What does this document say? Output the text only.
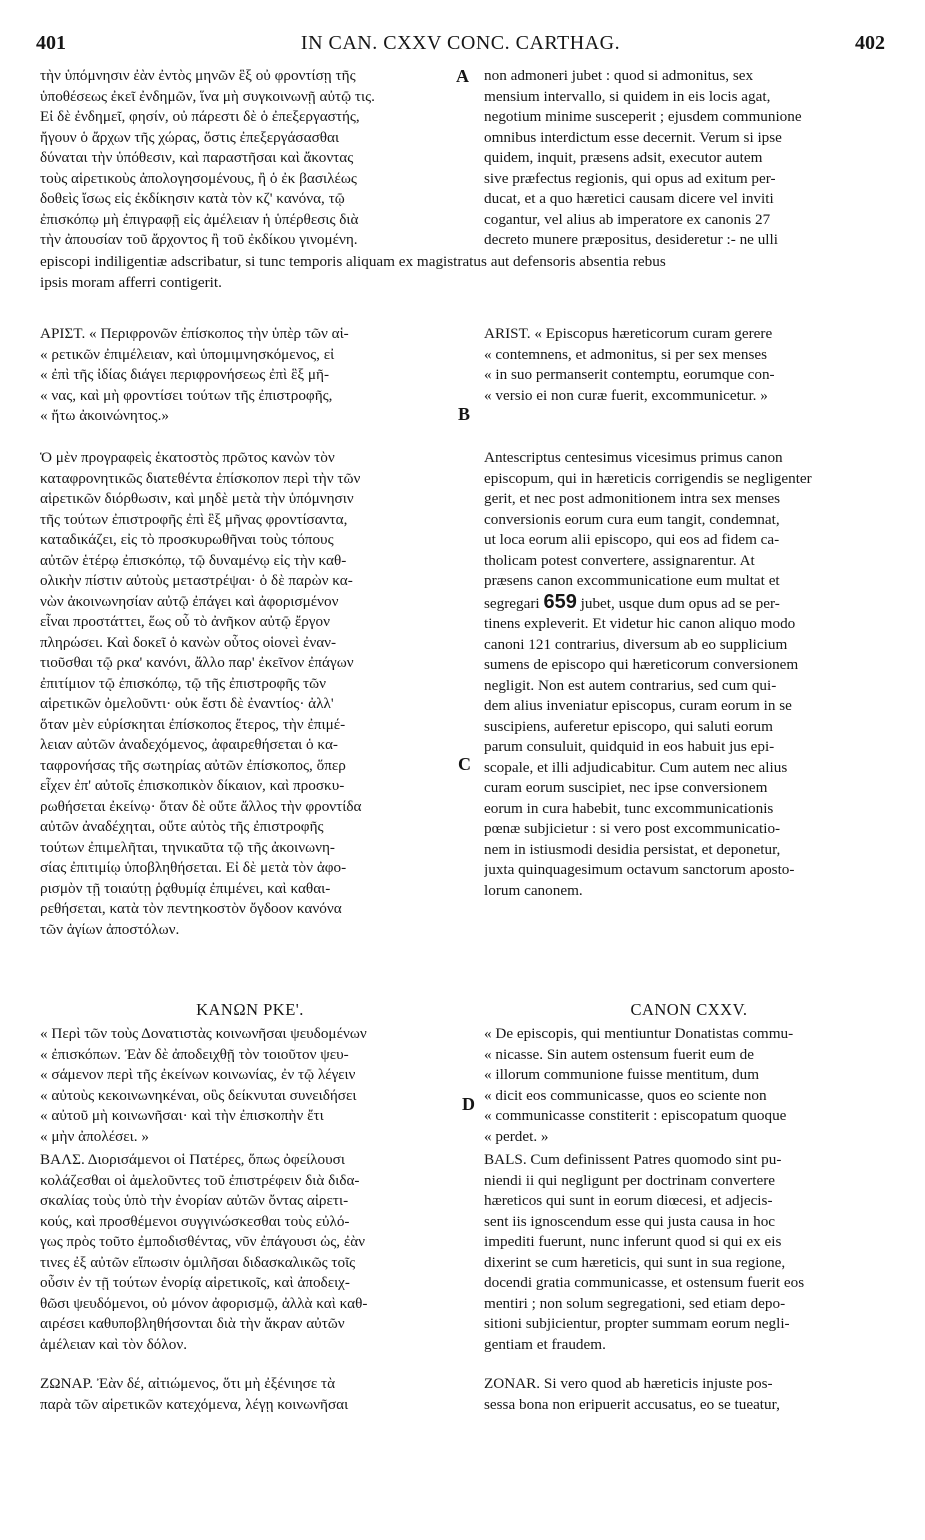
401	IN CAN. CXXV CONC. CARTHAG.	402
τὴν ὑπόμνησιν ἐὰν ἐντὸς μηνῶν ἓξ οὐ φροντίσῃ τῆς
ὑποθέσεως ἐκεῖ ἐνδημῶν, ἵνα μὴ συγκοινωνῇ αὐτῷ τις.
Εἰ δὲ ἐνδημεῖ, φησίν, οὐ πάρεστι δὲ ὁ ἐπεξεργαστής,
ἤγουν ὁ ἄρχων τῆς χώρας, ὅστις ἐπεξεργάσασθαι
δύναται τὴν ὑπόθεσιν, καὶ παραστῆσαι καὶ ἄκοντας
τοὺς αἱρετικοὺς ἀπολογησομένους, ἢ ὁ ἐκ βασιλέως
δοθεὶς ἴσως εἰς ἐκδίκησιν κατὰ τὸν κζ' κανόνα, τῷ
ἐπισκόπῳ μὴ ἐπιγραφῇ εἰς ἀμέλειαν ἡ ὑπέρθεσις διὰ
τὴν ἀπουσίαν τοῦ ἄρχοντος ἢ τοῦ ἐκδίκου γινομένη.
non admoneri jubet : quod si admonitus, sex
mensium intervallo, si quidem in eis locis agat,
negotium minime susceperit ; ejusdem communione
omnibus interdictum esse decernit. Verum si ipse
quidem, inquit, præsens adsit, executor autem
sive præfectus regionis, qui opus ad exitum per-
ducat, et a quo hæretici causam dicere vel inviti
cogantur, vel alius ab imperatore ex canonis 27
decreto munere præpositus, desideretur :- ne ulli
episcopi indiligentiæ adscribatur, si tunc temporis aliquam ex magistratus aut defensoris absentia rebus
ipsis moram afferri contigerit.
A
ΑΡΙΣΤ. « Περιφρονῶν ἐπίσκοπος τὴν ὑπὲρ τῶν αἱ-
« ρετικῶν ἐπιμέλειαν, καὶ ὑπομιμνησκόμενος, εἰ
« ἐπὶ τῆς ἰδίας διάγει περιφρονήσεως ἐπὶ ἓξ μῆ-
« νας, καὶ μὴ φροντίσει τούτων τῆς ἐπιστροφῆς,
« ἤτω ἀκοινώνητος.»
ARIST. « Episcopus hæreticorum curam gerere
« contemnens, et admonitus, si per sex menses
« in suo permanserit contemptu, eorumque con-
« versio ei non curæ fuerit, excommunicetur. »
B
Ὁ μὲν προγραφεὶς ἑκατοστὸς πρῶτος κανὼν τὸν
καταφρονητικῶς διατεθέντα ἐπίσκοπον περὶ τὴν τῶν
αἱρετικῶν διόρθωσιν, καὶ μηδὲ μετὰ τὴν ὑπόμνησιν
τῆς τούτων ἐπιστροφῆς ἐπὶ ἓξ μῆνας φροντίσαντα,
καταδικάζει, εἰς τὸ προσκυρωθῆναι τοὺς τόπους
αὐτῶν ἑτέρῳ ἐπισκόπῳ, τῷ δυναμένῳ εἰς τὴν καθ-
ολικὴν πίστιν αὐτοὺς μεταστρέψαι· ὁ δὲ παρὼν κα-
νὼν ἀκοινωνησίαν αὐτῷ ἐπάγει καὶ ἀφορισμένον
εἶναι προστάττει, ἕως οὗ τὸ ἀνῆκον αὐτῷ ἔργον
πληρώσει. Καὶ δοκεῖ ὁ κανὼν οὗτος οἱονεὶ ἐναν-
τιοῦσθαι τῷ ρκα' κανόνι, ἄλλο παρ' ἐκεῖνον ἐπάγων
ἐπιτίμιον τῷ ἐπισκόπῳ, τῷ τῆς ἐπιστροφῆς τῶν
αἱρετικῶν ὀμελοῦντι· οὐκ ἔστι δὲ ἐναντίος· ἀλλ'
ὅταν μὲν εὑρίσκηται ἐπίσκοπος ἕτερος, τὴν ἐπιμέ-
λειαν αὐτῶν ἀναδεχόμενος, ἀφαιρεθήσεται ὁ κα-
ταφρονήσας τῆς σωτηρίας αὐτῶν ἐπίσκοπος, ὅπερ
εἶχεν ἐπ' αὐτοῖς ἐπισκοπικὸν δίκαιον, καὶ προσκυ-
ρωθήσεται ἐκείνῳ· ὅταν δὲ οὔτε ἄλλος τὴν φροντίδα
αὐτῶν ἀναδέχηται, οὔτε αὐτὸς τῆς ἐπιστροφῆς
τούτων ἐπιμελῆται, τηνικαῦτα τῷ τῆς ἀκοινωνη-
σίας ἐπιτιμίῳ ὑποβληθήσεται. Εἰ δὲ μετὰ τὸν ἀφο-
ρισμὸν τῇ τοιαύτῃ ῥᾳθυμίᾳ ἐπιμένει, καὶ καθαι-
ρεθήσεται, κατὰ τὸν πεντηκοστὸν ὄγδοον κανόνα
τῶν ἁγίων ἀποστόλων.
Antescriptus centesimus vicesimus primus canon
episcopum, qui in hæreticis corrigendis se negligenter
gerit, et nec post admonitionem intra sex menses
conversionis eorum cura eum tangit, condemnat,
ut loca eorum alii episcopo, qui eos ad fidem ca-
tholicam potest convertere, assignarentur. At
præsens canon excommunicatione eum multat et
segregari 659 jubet, usque dum opus ad se per-
tinens expleverit. Et videtur hic canon aliquo modo
canoni 121 contrarius, diversum ab eo supplicium
sumens de episcopo qui hæreticorum conversionem
negligit. Non est autem contrarius, sed cum qui-
dem alius inveniatur episcopus, curam eorum in se
suscipiens, auferetur episcopo, qui saluti eorum
parum consuluit, quidquid in eos habuit jus epi-
scopale, et illi adjudicabitur. Cum autem nec alius
curam eorum suscipiet, nec ipse conversionem
eorum in cura habebit, tunc excommunicationis
pœnæ subjicietur : si vero post excommunicatio-
nem in istiusmodi desidia persistat, et deponetur,
juxta quinquagesimum octavum sanctorum aposto-
lorum canonem.
C
ΚΑΝΩΝ ΡΚΕ'.	CANON CXXV.
« Περὶ τῶν τοὺς Δονατιστὰς κοινωνῆσαι ψευδομένων
« ἐπισκόπων. Ἐὰν δὲ ἀποδειχθῇ τὸν τοιοῦτον ψευ-
« σάμενον περὶ τῆς ἐκείνων κοινωνίας, ἐν τῷ λέγειν
« αὐτοὺς κεκοινωνηκέναι, οὓς δείκνυται συνειδήσει
« αὐτοῦ μὴ κοινωνῆσαι· καὶ τὴν ἐπισκοπὴν ἔτι
« μὴν ἀπολέσει. »
« De episcopis, qui mentiuntur Donatistas commu-
« nicasse. Sin autem ostensum fuerit eum de
« illorum communione fuisse mentitum, dum
« dicit eos communicasse, quos eo sciente non
« communicasse constiterit : episcopatum quoque
« perdet. »
D
ΒΑΛΣ. Διορισάμενοι οἱ Πατέρες, ὅπως ὀφείλουσι
κολάζεσθαι οἱ ἀμελοῦντες τοῦ ἐπιστρέφειν διὰ διδα-
σκαλίας τοὺς ὑπὸ τὴν ἐνορίαν αὐτῶν ὄντας αἱρετι-
κούς, καὶ προσθέμενοι συγγινώσκεσθαι τοὺς εὐλό-
γως πρὸς τοῦτο ἐμποδισθέντας, νῦν ἐπάγουσι ὡς, ἐὰν
τινες ἐξ αὐτῶν εἴπωσιν ὁμιλῆσαι διδασκαλικῶς τοῖς
οὖσιν ἐν τῇ τούτων ἐνορίᾳ αἱρετικοῖς, καὶ ἀποδειχ-
θῶσι ψευδόμενοι, οὐ μόνον ἀφορισμῷ, ἀλλὰ καὶ καθ-
αιρέσει καθυποβληθήσονται διὰ τὴν ἄκραν αὐτῶν
ἀμέλειαν καὶ τὸν δόλον.
BALS. Cum definissent Patres quomodo sint pu-
niendi ii qui negligunt per doctrinam convertere
hæreticos qui sunt in eorum diœcesi, et adjecis-
sent iis ignoscendum esse qui justa causa in hoc
impediti fuerunt, nunc inferunt quod si qui ex eis
dixerint se cum hæreticis, qui sunt in sua regione,
docendi gratia communicasse, et ostensum fuerit eos
mentiri ; non solum segregationi, sed etiam depo-
sitioni subjicientur, propter summam eorum negli-
gentiam et fraudem.
ΖΩΝΑΡ. Ἐὰν δέ, αἰτιώμενος, ὅτι μὴ ἐξένιησε τὰ
παρὰ τῶν αἱρετικῶν κατεχόμενα, λέγῃ κοινωνῆσαι
ZONAR. Si vero quod ab hæreticis injuste pos-
sessa bona non eripuerit accusatus, eo se tueatur,
